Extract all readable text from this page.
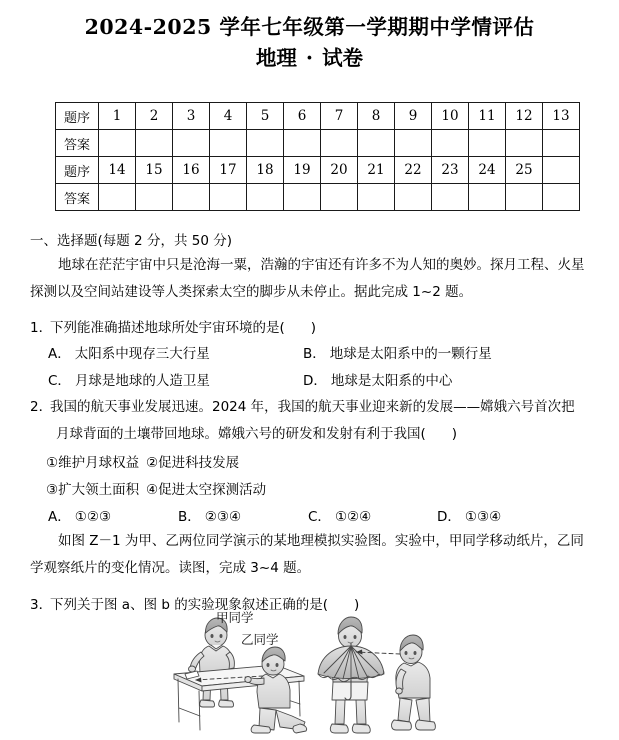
2024-2025 学年七年级第一学期期中学情评估
地理 · 试卷
题序	1	2	3	4	5	6	7	8	9	10	11	12	13
答案													
题序	14	15	16	17	18	19	20	21	22	23	24	25	
答案													
一、选择题(每题 2 分，共 50 分)
地球在茫茫宇宙中只是沧海一粟，浩瀚的宇宙还有许多不为人知的奥妙。探月工程、火星探测以及空间站建设等人类探索太空的脚步从未停止。据此完成 1~2 题。
1．下列能准确描述地球所处宇宙环境的是( )
A． 太阳系中现存三大行星	B． 地球是太阳系中的一颗行星
C． 月球是地球的人造卫星	D． 地球是太阳系的中心
2．我国的航天事业发展迅速。2024 年，我国的航天事业迎来新的发展——嫦娥六号首次把
月球背面的土壤带回地球。嫦娥六号的研发和发射有利于我国( )
①维护月球权益 ②促进科技发展
③扩大领土面积 ④促进太空探测活动
A． ①②③	B． ②③④	C． ①②④	D． ①③④
如图 Z－1 为甲、乙两位同学演示的某地理模拟实验图。实验中，甲同学移动纸片，乙同学观察纸片的变化情况。读图，完成 3~4 题。
3．下列关于图 a、图 b 的实验现象叙述正确的是( )
甲同学
乙同学
